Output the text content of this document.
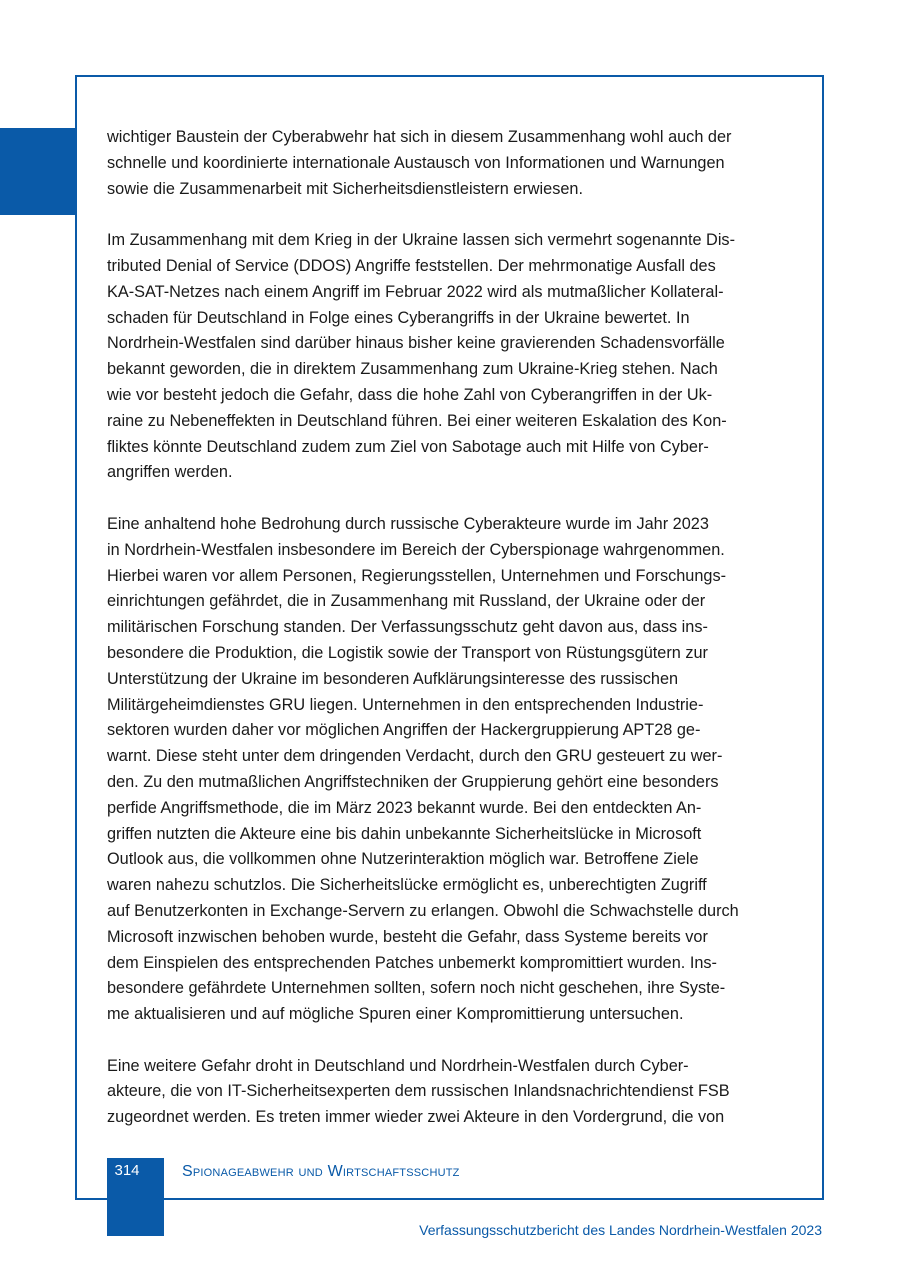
wichtiger Baustein der Cyberabwehr hat sich in diesem Zusammenhang wohl auch der
schnelle und koordinierte internationale Austausch von Informationen und Warnungen
sowie die Zusammenarbeit mit Sicherheitsdienstleistern erwiesen.

Im Zusammenhang mit dem Krieg in der Ukraine lassen sich vermehrt sogenannte Dis-
tributed Denial of Service (DDOS) Angriffe feststellen. Der mehrmonatige Ausfall des
KA-SAT-Netzes nach einem Angriff im Februar 2022 wird als mutmaßlicher Kollateral-
schaden für Deutschland in Folge eines Cyberangriffs in der Ukraine bewertet. In
Nordrhein-Westfalen sind darüber hinaus bisher keine gravierenden Schadensvorfälle
bekannt geworden, die in direktem Zusammenhang zum Ukraine-Krieg stehen. Nach
wie vor besteht jedoch die Gefahr, dass die hohe Zahl von Cyberangriffen in der Uk-
raine zu Nebeneffekten in Deutschland führen. Bei einer weiteren Eskalation des Kon-
fliktes könnte Deutschland zudem zum Ziel von Sabotage auch mit Hilfe von Cyber-
angriffen werden.

Eine anhaltend hohe Bedrohung durch russische Cyberakteure wurde im Jahr 2023
in Nordrhein-Westfalen insbesondere im Bereich der Cyberspionage wahrgenommen.
Hierbei waren vor allem Personen, Regierungsstellen, Unternehmen und Forschungs-
einrichtungen gefährdet, die in Zusammenhang mit Russland, der Ukraine oder der
militärischen Forschung standen. Der Verfassungsschutz geht davon aus, dass ins-
besondere die Produktion, die Logistik sowie der Transport von Rüstungsgütern zur
Unterstützung der Ukraine im besonderen Aufklärungsinteresse des russischen
Militärgeheimdienstes GRU liegen. Unternehmen in den entsprechenden Industrie-
sektoren wurden daher vor möglichen Angriffen der Hackergruppierung APT28 ge-
warnt. Diese steht unter dem dringenden Verdacht, durch den GRU gesteuert zu wer-
den. Zu den mutmaßlichen Angriffstechniken der Gruppierung gehört eine besonders
perfide Angriffsmethode, die im März 2023 bekannt wurde. Bei den entdeckten An-
griffen nutzten die Akteure eine bis dahin unbekannte Sicherheitslücke in Microsoft
Outlook aus, die vollkommen ohne Nutzerinteraktion möglich war. Betroffene Ziele
waren nahezu schutzlos. Die Sicherheitslücke ermöglicht es, unberechtigten Zugriff
auf Benutzerkonten in Exchange-Servern zu erlangen. Obwohl die Schwachstelle durch
Microsoft inzwischen behoben wurde, besteht die Gefahr, dass Systeme bereits vor
dem Einspielen des entsprechenden Patches unbemerkt kompromittiert wurden. Ins-
besondere gefährdete Unternehmen sollten, sofern noch nicht geschehen, ihre Syste-
me aktualisieren und auf mögliche Spuren einer Kompromittierung untersuchen.

Eine weitere Gefahr droht in Deutschland und Nordrhein-Westfalen durch Cyber-
akteure, die von IT-Sicherheitsexperten dem russischen Inlandsnachrichtendienst FSB
zugeordnet werden. Es treten immer wieder zwei Akteure in den Vordergrund, die von

314	Spionageabwehr und Wirtschaftsschutz
Verfassungsschutzbericht des Landes Nordrhein-Westfalen 2023
